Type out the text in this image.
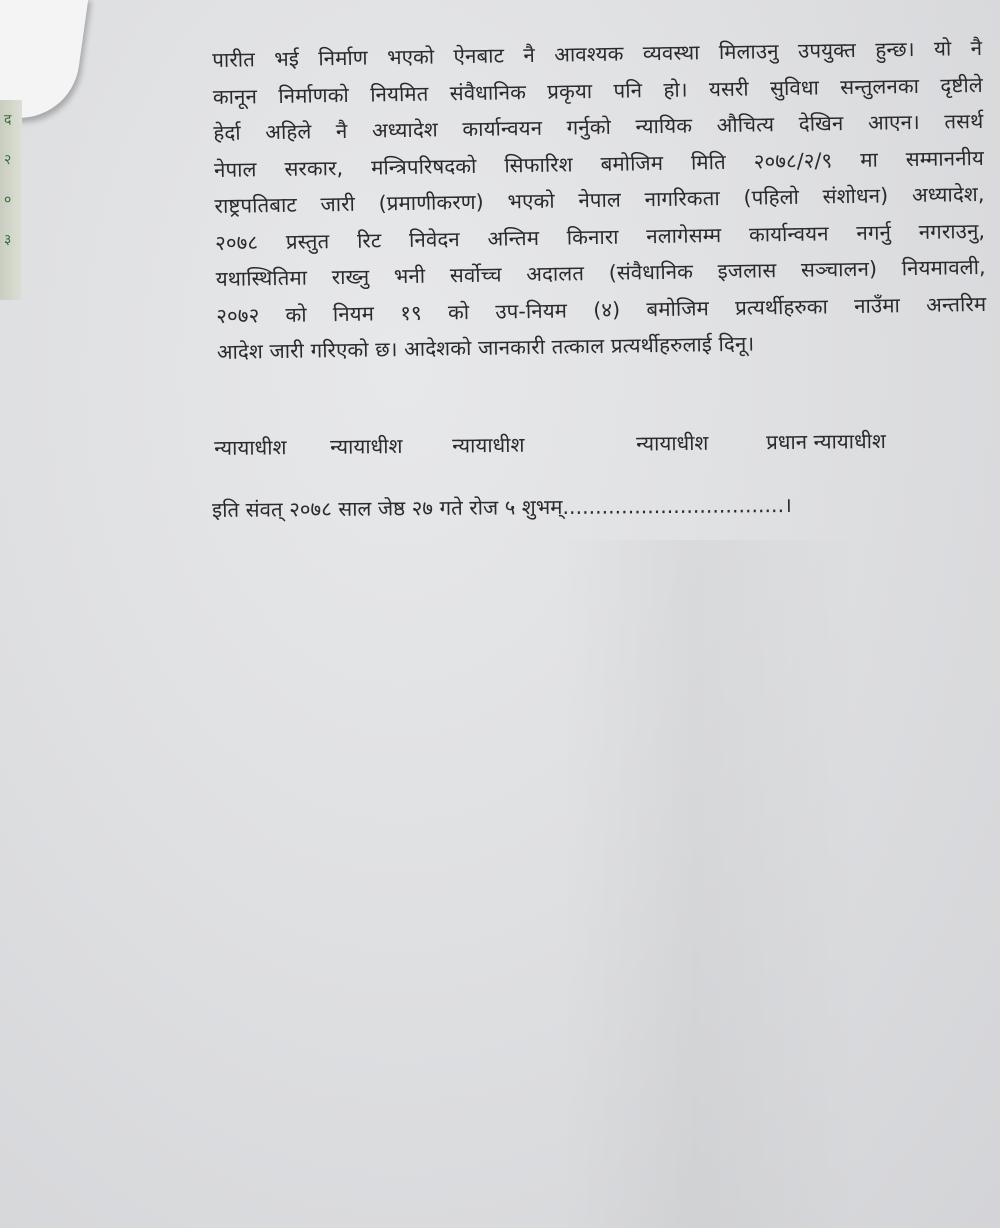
द
२
०
३
पारीत भई निर्माण भएको ऐनबाट नै आवश्यक व्यवस्था मिलाउनु उपयुक्त हुन्छ। यो नै
कानून निर्माणको नियमित संवैधानिक प्रकृया पनि हो। यसरी सुविधा सन्तुलनका दृष्टीले
हेर्दा अहिले नै अध्यादेश कार्यान्वयन गर्नुको न्यायिक औचित्य देखिन आएन। तसर्थ
नेपाल सरकार, मन्त्रिपरिषदको सिफारिश बमोजिम मिति २०७८/२/९ मा सम्माननीय
राष्ट्रपतिबाट जारी (प्रमाणीकरण) भएको नेपाल नागरिकता (पहिलो संशोधन) अध्यादेश,
२०७८ प्रस्तुत रिट निवेदन अन्तिम किनारा नलागेसम्म कार्यान्वयन नगर्नु नगराउनु,
यथास्थितिमा राख्नु भनी सर्वोच्च अदालत (संवैधानिक इजलास सञ्चालन) नियमावली,
२०७२ को नियम १९ को उप-नियम (४) बमोजिम प्रत्यर्थीहरुका नाउँमा अन्तरिम
आदेश जारी गरिएको छ। आदेशको जानकारी तत्काल प्रत्यर्थीहरुलाई दिनू।
न्यायाधीश न्यायाधीश न्यायाधीश	न्यायाधीश	प्रधान न्यायाधीश
इति संवत् २०७८ साल जेष्ठ २७ गते रोज ५ शुभम्..................................।
